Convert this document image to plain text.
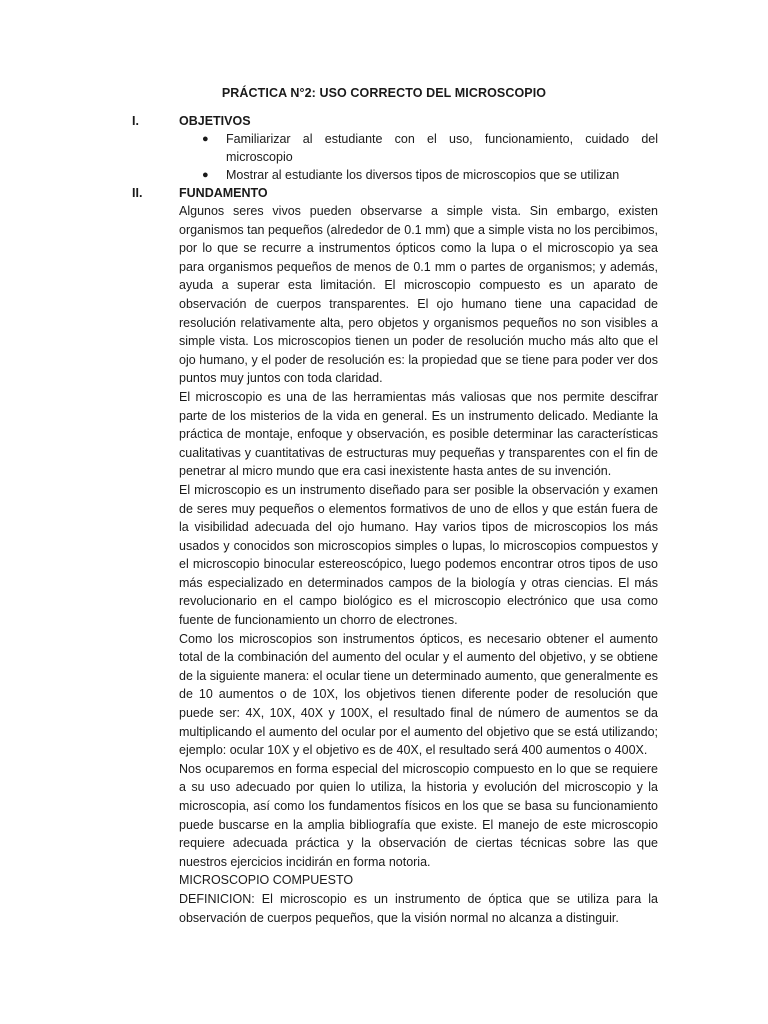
PRÁCTICA N°2: USO CORRECTO DEL MICROSCOPIO
I.	OBJETIVOS
● Familiarizar al estudiante con el uso, funcionamiento, cuidado del microscopio
● Mostrar al estudiante los diversos tipos de microscopios que se utilizan
II.	FUNDAMENTO

Algunos seres vivos pueden observarse a simple vista. Sin embargo, existen organismos tan pequeños (alrededor de 0.1 mm) que a simple vista no los percibimos, por lo que se recurre a instrumentos ópticos como la lupa o el microscopio ya sea para organismos pequeños de menos de 0.1 mm o partes de organismos; y además, ayuda a superar esta limitación. El microscopio compuesto es un aparato de observación de cuerpos transparentes. El ojo humano tiene una capacidad de resolución relativamente alta, pero objetos y organismos pequeños no son visibles a simple vista. Los microscopios tienen un poder de resolución mucho más alto que el ojo humano, y el poder de resolución es: la propiedad que se tiene para poder ver dos puntos muy juntos con toda claridad.

El microscopio es una de las herramientas más valiosas que nos permite descifrar parte de los misterios de la vida en general. Es un instrumento delicado. Mediante la práctica de montaje, enfoque y observación, es posible determinar las características cualitativas y cuantitativas de estructuras muy pequeñas y transparentes con el fin de penetrar al micro mundo que era casi inexistente hasta antes de su invención.

El microscopio es un instrumento diseñado para ser posible la observación y examen de seres muy pequeños o elementos formativos de uno de ellos y que están fuera de la visibilidad adecuada del ojo humano. Hay varios tipos de microscopios los más usados y conocidos son microscopios simples o lupas, lo microscopios compuestos y el microscopio binocular estereoscópico, luego podemos encontrar otros tipos de uso más especializado en determinados campos de la biología y otras ciencias. El más revolucionario en el campo biológico es el microscopio electrónico que usa como fuente de funcionamiento un chorro de electrones.

Como los microscopios son instrumentos ópticos, es necesario obtener el aumento total de la combinación del aumento del ocular y el aumento del objetivo, y se obtiene de la siguiente manera: el ocular tiene un determinado aumento, que generalmente es de 10 aumentos o de 10X, los objetivos tienen diferente poder de resolución que puede ser: 4X, 10X, 40X y 100X, el resultado final de número de aumentos se da multiplicando el aumento del ocular por el aumento del objetivo que se está utilizando; ejemplo: ocular 10X y el objetivo es de 40X, el resultado será 400 aumentos o 400X.

Nos ocuparemos en forma especial del microscopio compuesto en lo que se requiere a su uso adecuado por quien lo utiliza, la historia y evolución del microscopio y la microscopia, así como los fundamentos físicos en los que se basa su funcionamiento puede buscarse en la amplia bibliografía que existe. El manejo de este microscopio requiere adecuada práctica y la observación de ciertas técnicas sobre las que nuestros ejercicios incidirán en forma notoria.

MICROSCOPIO COMPUESTO

DEFINICION: El microscopio es un instrumento de óptica que se utiliza para la observación de cuerpos pequeños, que la visión normal no alcanza a distinguir.
